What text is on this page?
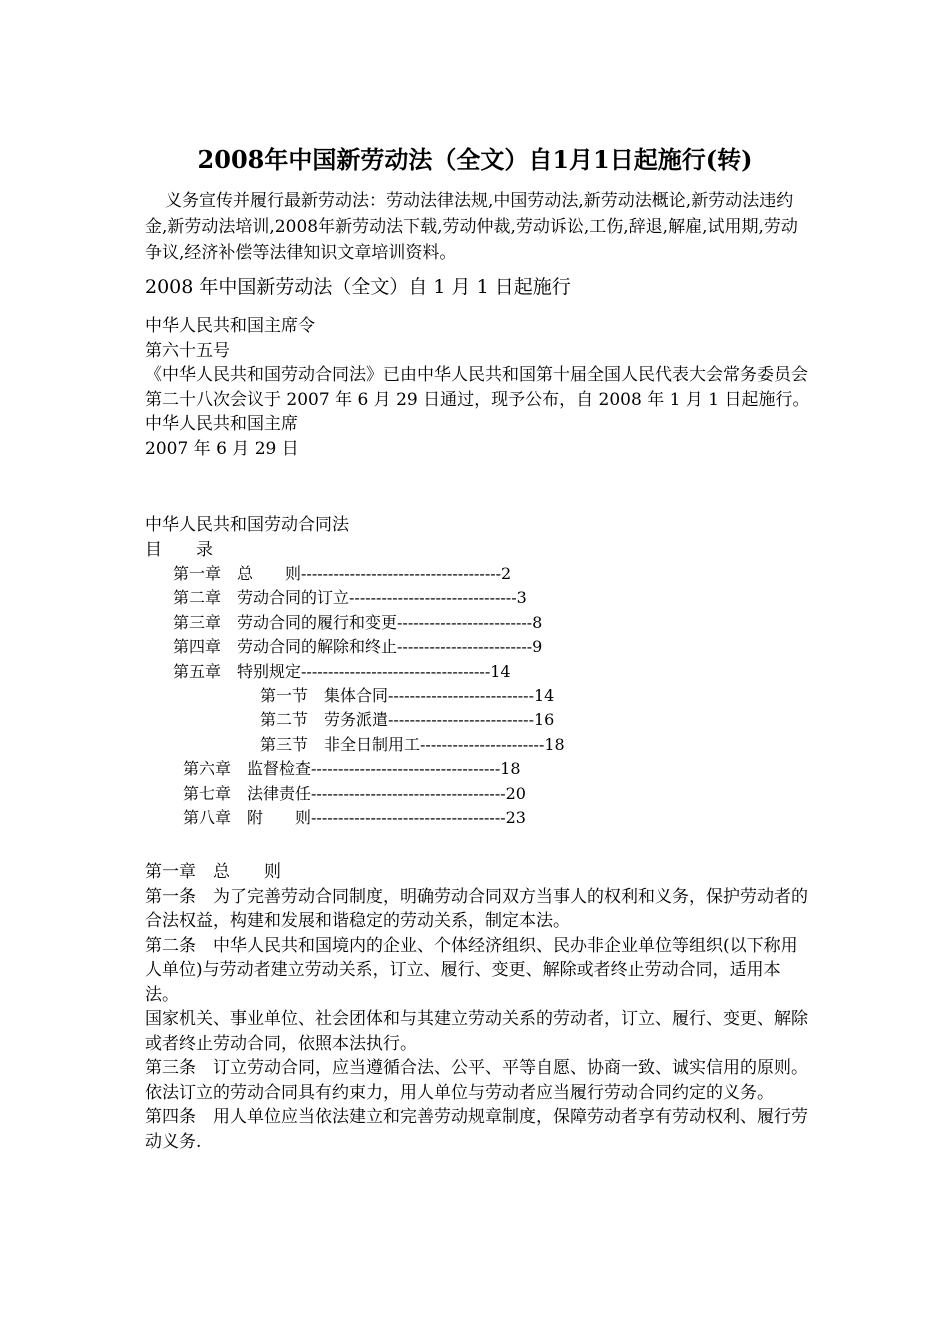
2008年中国新劳动法（全文）自1月1日起施行(转)
义务宣传并履行最新劳动法：劳动法律法规,中国劳动法,新劳动法概论,新劳动法违约金,新劳动法培训,2008年新劳动法下载,劳动仲裁,劳动诉讼,工伤,辞退,解雇,试用期,劳动争议,经济补偿等法律知识文章培训资料。
2008 年中国新劳动法（全文）自 1 月 1 日起施行
中华人民共和国主席令
第六十五号
《中华人民共和国劳动合同法》已由中华人民共和国第十届全国人民代表大会常务委员会第二十八次会议于 2007 年 6 月 29 日通过，现予公布，自 2008 年 1 月 1 日起施行。
中华人民共和国主席
2007 年 6 月 29 日
中华人民共和国劳动合同法
目　　录
第一章　总　　则-------------------------------------2
第二章　劳动合同的订立-------------------------------3
第三章　劳动合同的履行和变更-------------------------8
第四章　劳动合同的解除和终止-------------------------9
第五章　特别规定-----------------------------------14
第一节　集体合同---------------------------14
第二节　劳务派遣---------------------------16
第三节　非全日制用工-----------------------18
第六章　监督检查-----------------------------------18
第七章　法律责任------------------------------------20
第八章　附　　则------------------------------------23
第一章　总　　则
第一条　为了完善劳动合同制度，明确劳动合同双方当事人的权利和义务，保护劳动者的合法权益，构建和发展和谐稳定的劳动关系，制定本法。
第二条　中华人民共和国境内的企业、个体经济组织、民办非企业单位等组织(以下称用人单位)与劳动者建立劳动关系，订立、履行、变更、解除或者终止劳动合同，适用本法。
国家机关、事业单位、社会团体和与其建立劳动关系的劳动者，订立、履行、变更、解除或者终止劳动合同，依照本法执行。
第三条　订立劳动合同，应当遵循合法、公平、平等自愿、协商一致、诚实信用的原则。
依法订立的劳动合同具有约束力，用人单位与劳动者应当履行劳动合同约定的义务。
第四条　用人单位应当依法建立和完善劳动规章制度，保障劳动者享有劳动权利、履行劳动义务.
